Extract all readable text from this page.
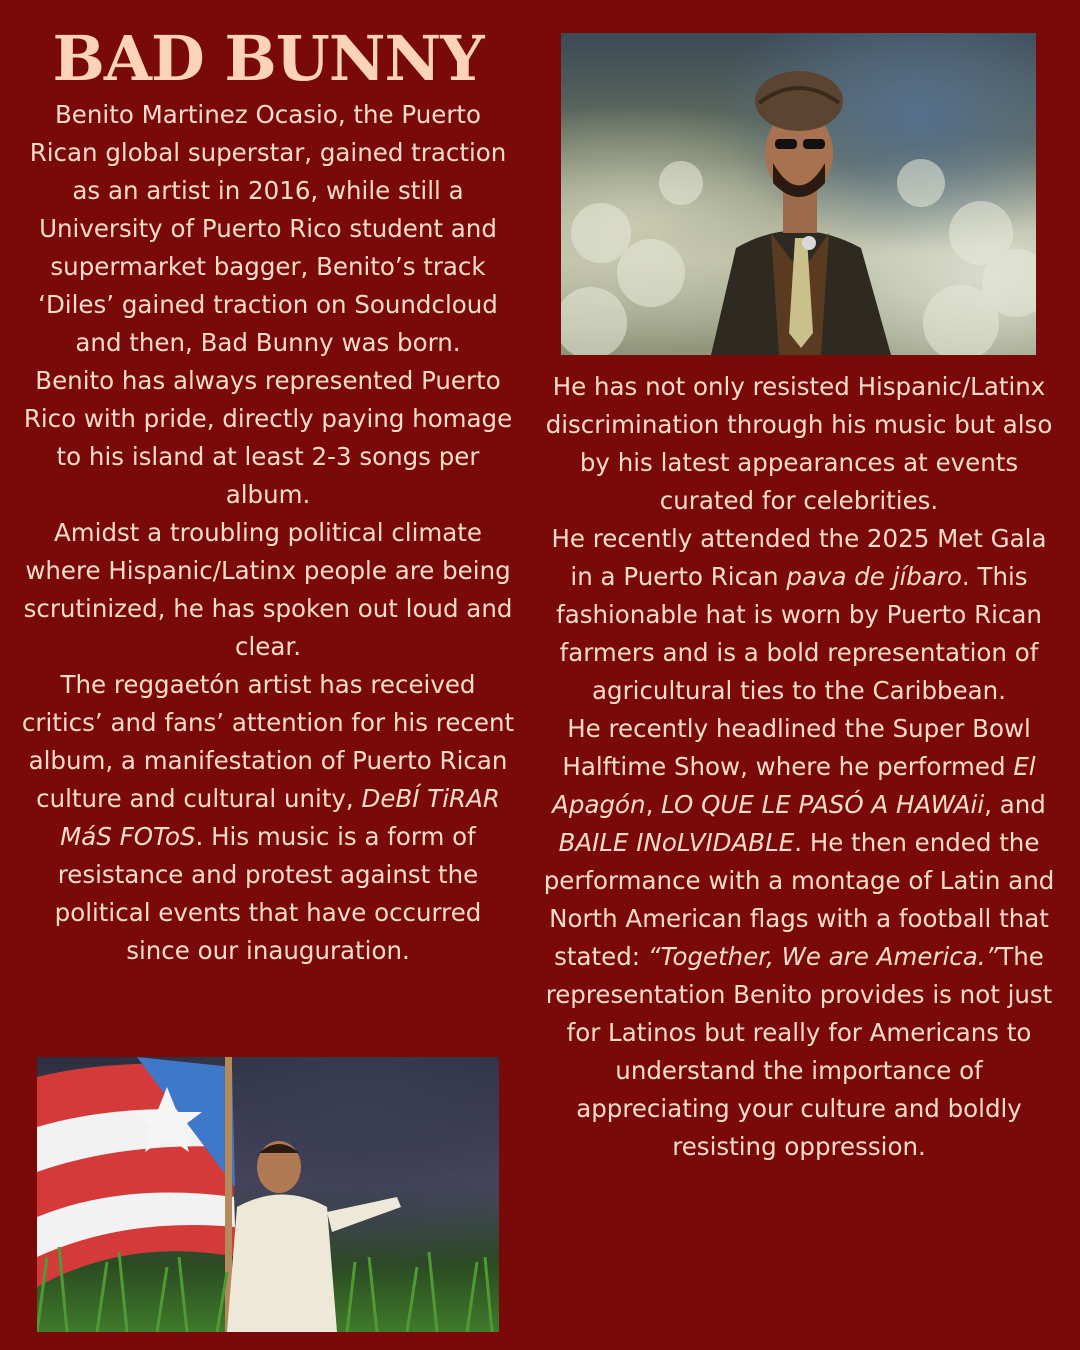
BAD BUNNY

Benito Martinez Ocasio, the Puerto Rican global superstar, gained traction as an artist in 2016, while still a University of Puerto Rico student and supermarket bagger, Benito’s track ‘Diles’ gained traction on Soundcloud and then, Bad Bunny was born.

Benito has always represented Puerto Rico with pride, directly paying homage to his island at least 2-3 songs per album.

Amidst a troubling political climate where Hispanic/Latinx people are being scrutinized, he has spoken out loud and clear.

The reggaetón artist has received critics’ and fans’ attention for his recent album, a manifestation of Puerto Rican culture and cultural unity, DeBÍ TiRAR MáS FOToS. His music is a form of resistance and protest against the political events that have occurred since our inauguration.

He has not only resisted Hispanic/Latinx discrimination through his music but also by his latest appearances at events curated for celebrities.

He recently attended the 2025 Met Gala in a Puerto Rican pava de jíbaro. This fashionable hat is worn by Puerto Rican farmers and is a bold representation of agricultural ties to the Caribbean.

He recently headlined the Super Bowl Halftime Show, where he performed El Apagón, LO QUE LE PASÓ A HAWAii, and BAILE INoLVIDABLE. He then ended the performance with a montage of Latin and North American flags with a football that stated: “Together, We are America.”The representation Benito provides is not just for Latinos but really for Americans to understand the importance of appreciating your culture and boldly resisting oppression.
